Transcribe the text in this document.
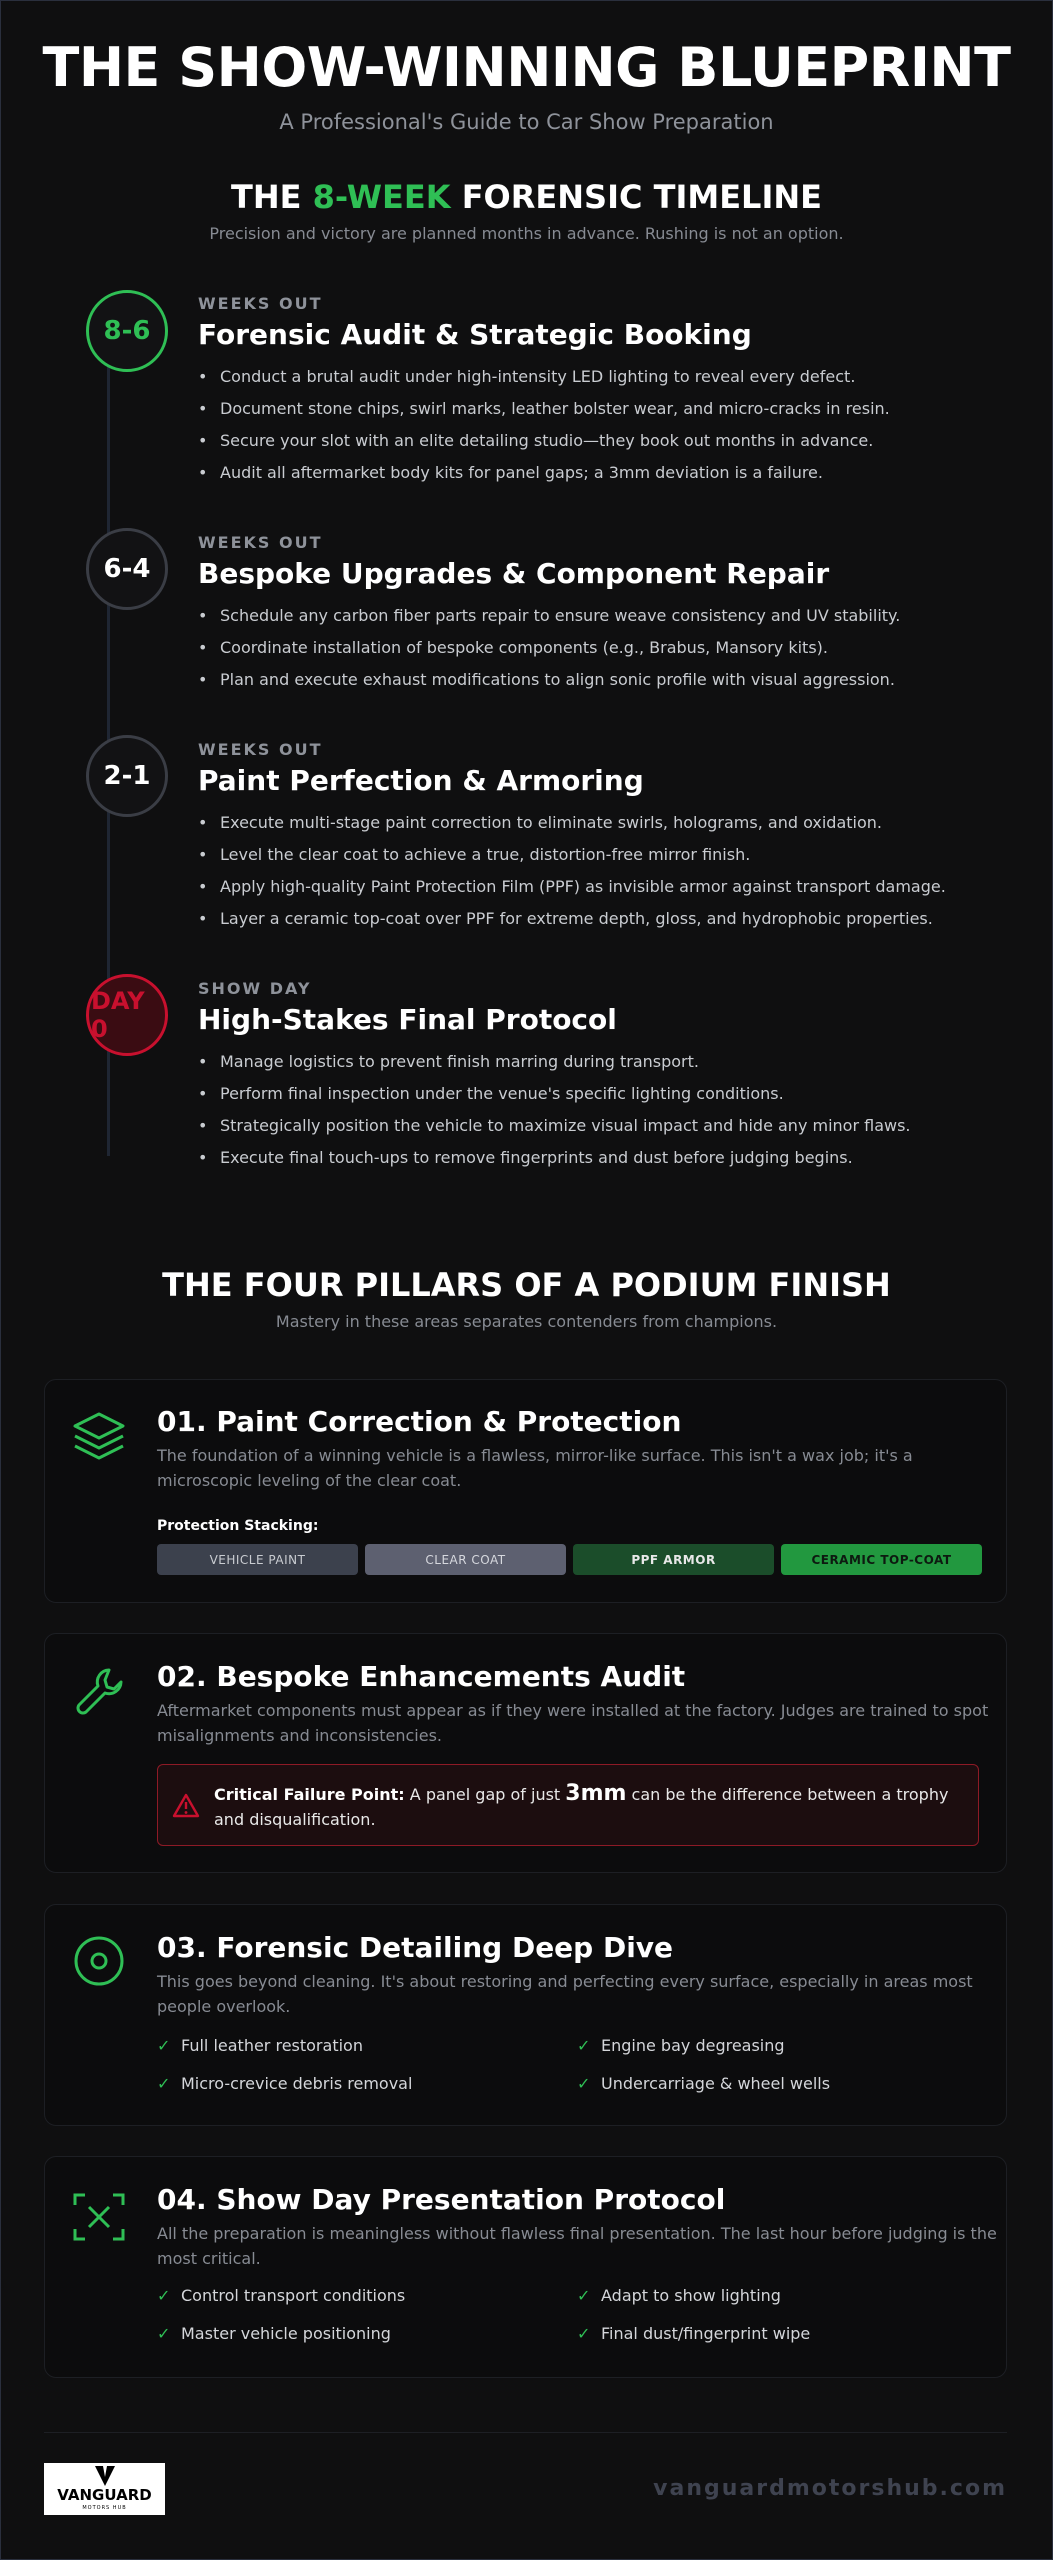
THE SHOW-WINNING BLUEPRINT
A Professional's Guide to Car Show Preparation
THE 8-WEEK FORENSIC TIMELINE
Precision and victory are planned months in advance. Rushing is not an option.
8-6
WEEKS OUT
Forensic Audit & Strategic Booking
• Conduct a brutal audit under high-intensity LED lighting to reveal every defect.
• Document stone chips, swirl marks, leather bolster wear, and micro-cracks in resin.
• Secure your slot with an elite detailing studio—they book out months in advance.
• Audit all aftermarket body kits for panel gaps; a 3mm deviation is a failure.
6-4
WEEKS OUT
Bespoke Upgrades & Component Repair
• Schedule any carbon fiber parts repair to ensure weave consistency and UV stability.
• Coordinate installation of bespoke components (e.g., Brabus, Mansory kits).
• Plan and execute exhaust modifications to align sonic profile with visual aggression.
2-1
WEEKS OUT
Paint Perfection & Armoring
• Execute multi-stage paint correction to eliminate swirls, holograms, and oxidation.
• Level the clear coat to achieve a true, distortion-free mirror finish.
• Apply high-quality Paint Protection Film (PPF) as invisible armor against transport damage.
• Layer a ceramic top-coat over PPF for extreme depth, gloss, and hydrophobic properties.
DAY 0
SHOW DAY
High-Stakes Final Protocol
• Manage logistics to prevent finish marring during transport.
• Perform final inspection under the venue's specific lighting conditions.
• Strategically position the vehicle to maximize visual impact and hide any minor flaws.
• Execute final touch-ups to remove fingerprints and dust before judging begins.
THE FOUR PILLARS OF A PODIUM FINISH
Mastery in these areas separates contenders from champions.
01. Paint Correction & Protection
The foundation of a winning vehicle is a flawless, mirror-like surface. This isn't a wax job; it's a microscopic leveling of the clear coat.
Protection Stacking:
VEHICLE PAINT	CLEAR COAT	PPF ARMOR	CERAMIC TOP-COAT
02. Bespoke Enhancements Audit
Aftermarket components must appear as if they were installed at the factory. Judges are trained to spot misalignments and inconsistencies.
Critical Failure Point: A panel gap of just 3mm can be the difference between a trophy and disqualification.
03. Forensic Detailing Deep Dive
This goes beyond cleaning. It's about restoring and perfecting every surface, especially in areas most people overlook.
✓ Full leather restoration	✓ Engine bay degreasing
✓ Micro-crevice debris removal	✓ Undercarriage & wheel wells
04. Show Day Presentation Protocol
All the preparation is meaningless without flawless final presentation. The last hour before judging is the most critical.
✓ Control transport conditions	✓ Adapt to show lighting
✓ Master vehicle positioning	✓ Final dust/fingerprint wipe
VANGUARD
MOTORS HUB
vanguardmotorshub.com
